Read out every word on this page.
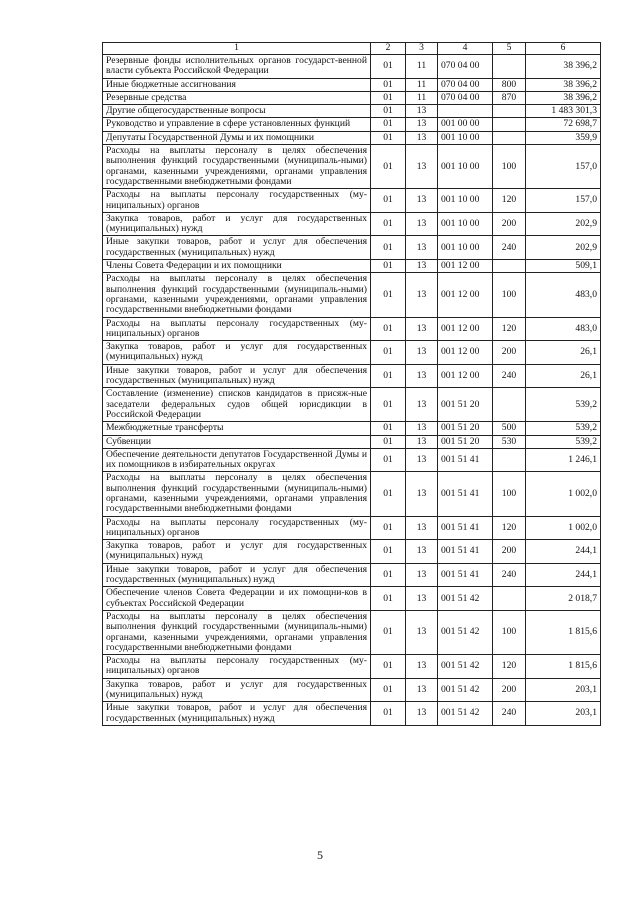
1	2	3	4	5	6
Резервные фонды исполнительных органов государст-венной власти субъекта Российской Федерации	01	11	070 04 00		38 396,2
Иные бюджетные ассигнования	01	11	070 04 00	800	38 396,2
Резервные средства	01	11	070 04 00	870	38 396,2
Другие общегосударственные вопросы	01	13			1 483 301,3
Руководство и управление в сфере установленных функций	01	13	001 00 00		72 698,7
Депутаты Государственной Думы и их помощники	01	13	001 10 00		359,9
Расходы на выплаты персоналу в целях обеспечения выполнения функций государственными (муниципаль-ными) органами, казенными учреждениями, органами управления государственными внебюджетными фондами	01	13	001 10 00	100	157,0
Расходы на выплаты персоналу государственных (му-ниципальных) органов	01	13	001 10 00	120	157,0
Закупка товаров, работ и услуг для государственных (муниципальных) нужд	01	13	001 10 00	200	202,9
Иные закупки товаров, работ и услуг для обеспечения государственных (муниципальных) нужд	01	13	001 10 00	240	202,9
Члены Совета Федерации и их помощники	01	13	001 12 00		509,1
Расходы на выплаты персоналу в целях обеспечения выполнения функций государственными (муниципаль-ными) органами, казенными учреждениями, органами управления государственными внебюджетными фондами	01	13	001 12 00	100	483,0
Расходы на выплаты персоналу государственных (му-ниципальных) органов	01	13	001 12 00	120	483,0
Закупка товаров, работ и услуг для государственных (муниципальных) нужд	01	13	001 12 00	200	26,1
Иные закупки товаров, работ и услуг для обеспечения государственных (муниципальных) нужд	01	13	001 12 00	240	26,1
Составление (изменение) списков кандидатов в присяж-ные заседатели федеральных судов общей юрисдикции в Российской Федерации	01	13	001 51 20		539,2
Межбюджетные трансферты	01	13	001 51 20	500	539,2
Субвенции	01	13	001 51 20	530	539,2
Обеспечение деятельности депутатов Государственной Думы и их помощников в избирательных округах	01	13	001 51 41		1 246,1
Расходы на выплаты персоналу в целях обеспечения выполнения функций государственными (муниципаль-ными) органами, казенными учреждениями, органами управления государственными внебюджетными фондами	01	13	001 51 41	100	1 002,0
Расходы на выплаты персоналу государственных (му-ниципальных) органов	01	13	001 51 41	120	1 002,0
Закупка товаров, работ и услуг для государственных (муниципальных) нужд	01	13	001 51 41	200	244,1
Иные закупки товаров, работ и услуг для обеспечения государственных (муниципальных) нужд	01	13	001 51 41	240	244,1
Обеспечение членов Совета Федерации и их помощни-ков в субъектах Российской Федерации	01	13	001 51 42		2 018,7
Расходы на выплаты персоналу в целях обеспечения выполнения функций государственными (муниципаль-ными) органами, казенными учреждениями, органами управления государственными внебюджетными фондами	01	13	001 51 42	100	1 815,6
Расходы на выплаты персоналу государственных (му-ниципальных) органов	01	13	001 51 42	120	1 815,6
Закупка товаров, работ и услуг для государственных (муниципальных) нужд	01	13	001 51 42	200	203,1
Иные закупки товаров, работ и услуг для обеспечения государственных (муниципальных) нужд	01	13	001 51 42	240	203,1
5
